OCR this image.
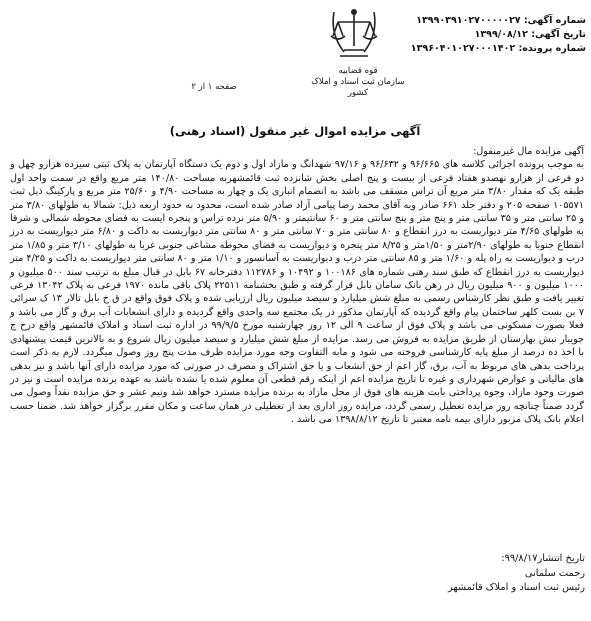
قوه قضاییه
سازمان ثبت اسناد و املاک کشور
شماره آگهی: ۱۳۹۹۰۳۹۱۰۲۷۰۰۰۰۰۲۷
تاریخ آگهی: ۱۳۹۹/۰۸/۱۲
شماره پرونده: ۱۳۹۶۰۴۰۱۰۲۷۰۰۰۱۴۰۲
صفحه ۱ از ۲
آگهی مزایده اموال غیر منقول (اسناد رهنی)

آگهی مزایده مال غیرمنقول:

به موجب پرونده اجرائی کلاسه های ۹۶/۶۶۵ و ۹۶/۶۳۲ و ۹۷/۱۶ شهدانگ و مازاد اول و دوم یک دستگاه آپارتمان به پلاک ثبتی سیزده هزارو چهل و دو فرعی از هزارو نهصدو هفتاد فرعی از بیست و پنج اصلی بخش شانزده ثبت قائمشهربه مساحت ۱۴۰/۸۰ متر مربع واقع در سمت واحد اول طبقه یک که مقدار ۳/۸۰ متر مربع آن تراس مسقف می باشد به انضمام انباری یک و چهار به مساحت ۴/۹۰ و ۲۵/۶۰ متر مربع و پارکینگ ذیل ثبت ۱۰۵۵۷۱ صفحه ۲۰۵ و دفتر جلد ۶۶۱ صادر وبه آقای محمد رضا پیامی آزاد صادر شده است، محدود به حدود اربعه ذیل: شمالا به طولهای ۳/۸۰ متر و ۲۵ سانتی متر و ۳۵ سانتی متر و پنج متر و پنج سانتی متر و ۶۰ سانتیمتر و ۵/۹۰ متر نرده تراس و پنجره ایست به فضای محوطه شمالی و شرقا به طولهای ۴/۶۵ متر دیواریست به درز انقطاع و ۸۰ سانتی متر و ۷۰ سانتی متر و ۸۰ سانتی متر دیواریست به داکت و ۶/۸۰ متر دیواریست به درز انقطاع جنوبا به طولهای ۲/۹۰متر و ۱/۵۰متر و ۸/۲۵ متر پنجره و دیواریست به فضای محوطه مشاعی جنوبی غربا به طولهای ۳/۱۰ متر و ۱/۸۵ متر درب و دیواریست به راه پله و ۱/۶۰ متر و ۸۵ سانتی متر درب و دیواریست به آسانسور و ۱/۱۰ متر و ۸۰ سانتی متر دیواریست به داکت و ۴/۲۵ متر دیواریست به درز انقطاع که طبق سند رهنی شماره های ۱۰۰۱۸۶ و ۱۰۴۹۲ و ۱۱۲۷۸۶ دفترخانه ۶۷ بابل در قبال مبلغ به ترتیب سند ۵۰۰ میلیون و ۱۰۰۰ میلیون و ۹۰۰ میلیون ریال در رهن بانک سامان بابل قرار گرفته و طبق بخشنامه ۲۲۵۱۱ پلاک باقی مانده ۱۹۷۰ فرعی به پلاک ۱۳۰۴۲ فرعی تغییر یافت و طبق نظر کارشناس رسمی به مبلغ شش میلیارد و سیصد میلیون ریال ارزیابی شده و پلاک فوق واقع در ق خ بابل تالار ۱۳ ک سرائی ۷ بن بست کلهر ساختمان پیام واقع گردیده که آپارتمان مذکور در یک مجتمع سه واحدی واقع گردیده و دارای انشعابات آب برق و گاز می باشد و فعلا بصورت مسکونی می باشد و پلاک فوق از ساعت ۹ الی ۱۲ روز چهارشنبه مورخ ۹۹/۹/۵ در اداره ثبت اسناد و املاک قائمشهر واقع درخ ج جویبار نبش بهارستان از طریق مزایده به فروش می رسد. مزایده از مبلغ شش میلیارد و سیصد میلیون ریال شروع و به بالاترین قیمت پیشنهادی با اخذ ده درصد از مبلغ پایه کارشناسی فروخته می شود و مابه التفاوت وجه مورد مزایده ظرف مدت پنج روز وصول میگردد. لازم به ذکر است پرداخت بدهی های مربوط به آب، برق، گاز اعم از حق انشعاب و یا حق اشتراک و مصرف در صورتی که مورد مزایده دارای آنها باشد و نیز بدهی های مالیاتی و عوارض شهرداری و غیره تا تاریخ مزایده اعم از اینکه رقم قطعی آن معلوم شده یا نشده باشد به عهده برنده مزایده است و نیز در صورت وجود مازاد، وجوه پرداختی بابت هزینه های فوق از محل مازاد به برنده مزایده مسترد خواهد شد ونیم عشر و حق مزایده نقداً وصول می گردد ضمناً چنانچه روز مزایده تعطیل رسمی گردد، مزایده روز اداری بعد از تعطیلی در همان ساعت و مکان مقرر برگزار خواهد شد. ضمنا حسب اعلام بانک پلاک مزبور دارای بیمه نامه معتبر تا تاریخ ۱۳۹۸/۸/۱۲ می باشد .

تاریخ انتشار۹۹/۸/۱۷:
رحمت سلمانی
رئیس ثبت اسناد و املاک قائمشهر
